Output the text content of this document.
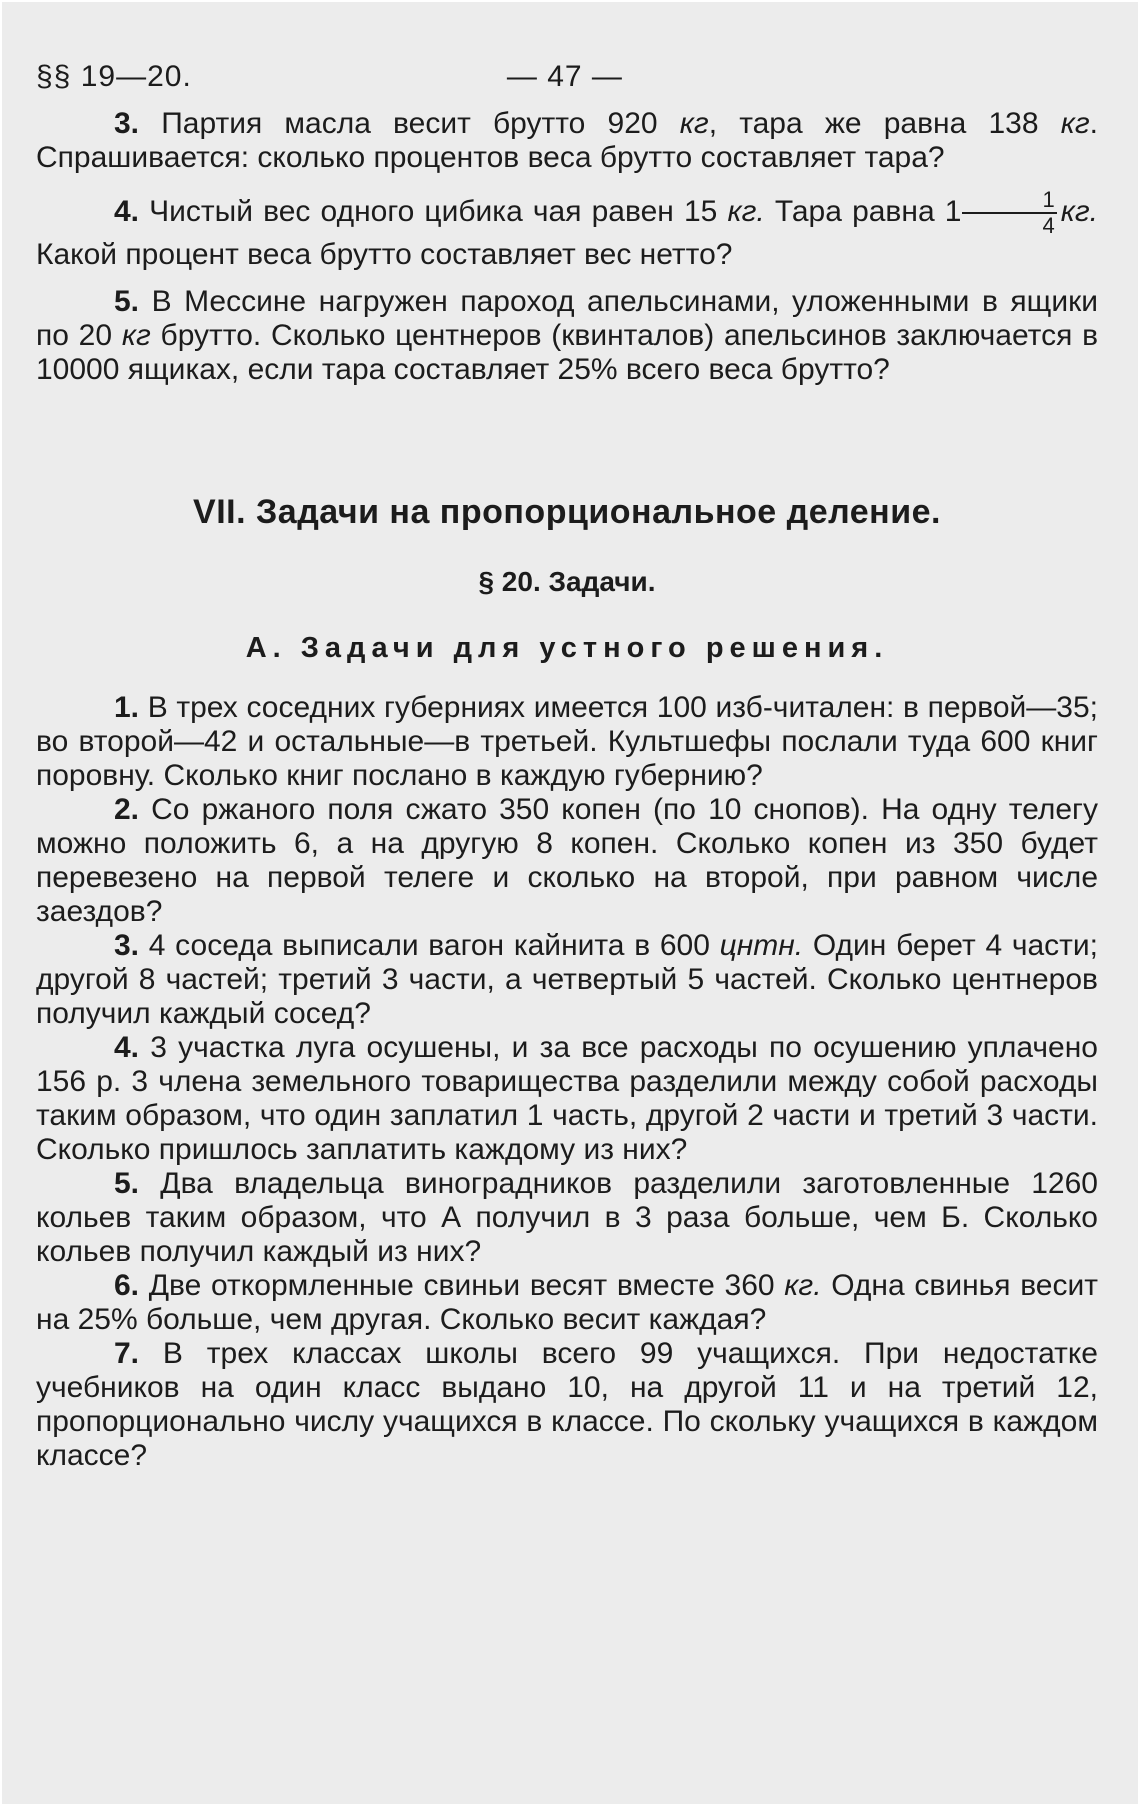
§§ 19—20.	— 47 —

3. Партия масла весит брутто 920 кг, тара же равна 138 кг. Спрашивается: сколько процентов веса брутто составляет тара?

4. Чистый вес одного цибика чая равен 15 кг. Тара равна $1 \frac{1}{4}$ кг. Какой процент веса брутто составляет вес нетто?

5. В Мессине нагружен пароход апельсинами, уложенными в ящики по 20 кг брутто. Сколько центнеров (квинталов) апельсинов заключается в 10000 ящиках, если тара составляет 25% всего веса брутто?

VII. Задачи на пропорциональное деление.
§ 20. Задачи.
А. Задачи для устного решения.

1. В трех соседних губерниях имеется 100 изб-читален: в первой—35; во второй—42 и остальные—в третьей. Культшефы послали туда 600 книг поровну. Сколько книг послано в каждую губернию?

2. Со ржаного поля сжато 350 копен (по 10 снопов). На одну телегу можно положить 6, а на другую 8 копен. Сколько копен из 350 будет перевезено на первой телеге и сколько на второй, при равном числе заездов?

3. 4 соседа выписали вагон кайнита в 600 цнтн. Один берет 4 части; другой 8 частей; третий 3 части, а четвертый 5 частей. Сколько центнеров получил каждый сосед?

4. 3 участка луга осушены, и за все расходы по осушению уплачено 156 р. 3 члена земельного товарищества разделили между собой расходы таким образом, что один заплатил 1 часть, другой 2 части и третий 3 части. Сколько пришлось заплатить каждому из них?

5. Два владельца виноградников разделили заготовленные 1260 кольев таким образом, что А получил в 3 раза больше, чем Б. Сколько кольев получил каждый из них?

6. Две откормленные свиньи весят вместе 360 кг. Одна свинья весит на 25% больше, чем другая. Сколько весит каждая?

7. В трех классах школы всего 99 учащихся. При недостатке учебников на один класс выдано 10, на другой 11 и на третий 12, пропорционально числу учащихся в классе. По скольку учащихся в каждом классе?
